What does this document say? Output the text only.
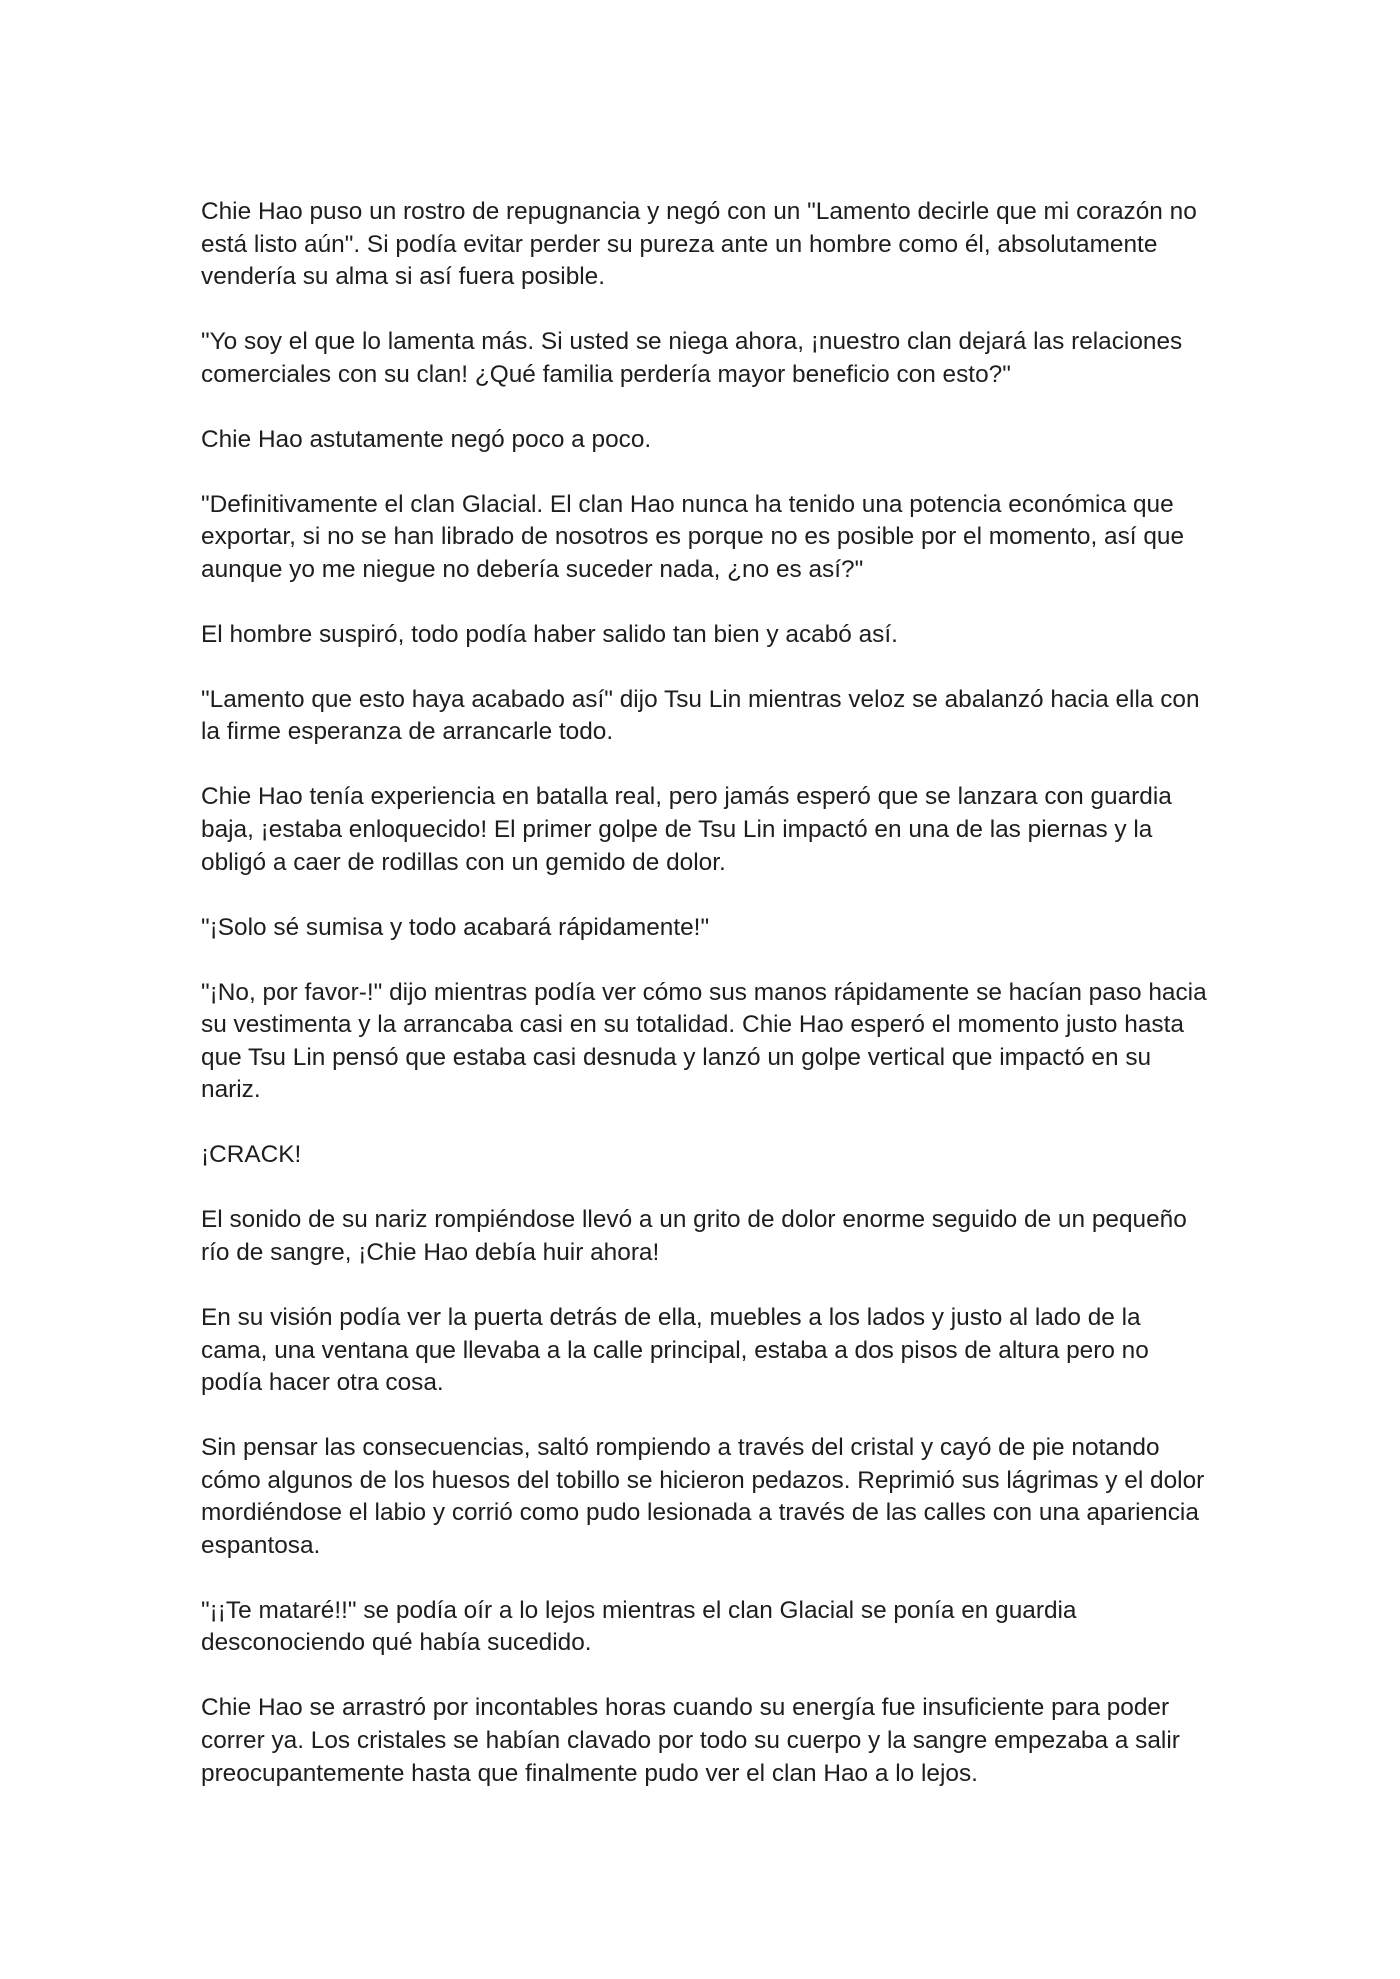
Chie Hao puso un rostro de repugnancia y negó con un "Lamento decirle que mi corazón no está listo aún". Si podía evitar perder su pureza ante un hombre como él, absolutamente vendería su alma si así fuera posible.

"Yo soy el que lo lamenta más. Si usted se niega ahora, ¡nuestro clan dejará las relaciones comerciales con su clan! ¿Qué familia perdería mayor beneficio con esto?"

Chie Hao astutamente negó poco a poco.

"Definitivamente el clan Glacial. El clan Hao nunca ha tenido una potencia económica que exportar, si no se han librado de nosotros es porque no es posible por el momento, así que aunque yo me niegue no debería suceder nada, ¿no es así?"

El hombre suspiró, todo podía haber salido tan bien y acabó así.

"Lamento que esto haya acabado así" dijo Tsu Lin mientras veloz se abalanzó hacia ella con la firme esperanza de arrancarle todo.

Chie Hao tenía experiencia en batalla real, pero jamás esperó que se lanzara con guardia baja, ¡estaba enloquecido! El primer golpe de Tsu Lin impactó en una de las piernas y la obligó a caer de rodillas con un gemido de dolor.

"¡Solo sé sumisa y todo acabará rápidamente!"

"¡No, por favor-!" dijo mientras podía ver cómo sus manos rápidamente se hacían paso hacia su vestimenta y la arrancaba casi en su totalidad. Chie Hao esperó el momento justo hasta que Tsu Lin pensó que estaba casi desnuda y lanzó un golpe vertical que impactó en su nariz.

¡CRACK!

El sonido de su nariz rompiéndose llevó a un grito de dolor enorme seguido de un pequeño río de sangre, ¡Chie Hao debía huir ahora!

En su visión podía ver la puerta detrás de ella, muebles a los lados y justo al lado de la cama, una ventana que llevaba a la calle principal, estaba a dos pisos de altura pero no podía hacer otra cosa.

Sin pensar las consecuencias, saltó rompiendo a través del cristal y cayó de pie notando cómo algunos de los huesos del tobillo se hicieron pedazos. Reprimió sus lágrimas y el dolor mordiéndose el labio y corrió como pudo lesionada a través de las calles con una apariencia espantosa.

"¡¡Te mataré!!" se podía oír a lo lejos mientras el clan Glacial se ponía en guardia desconociendo qué había sucedido.

Chie Hao se arrastró por incontables horas cuando su energía fue insuficiente para poder correr ya. Los cristales se habían clavado por todo su cuerpo y la sangre empezaba a salir preocupantemente hasta que finalmente pudo ver el clan Hao a lo lejos.
